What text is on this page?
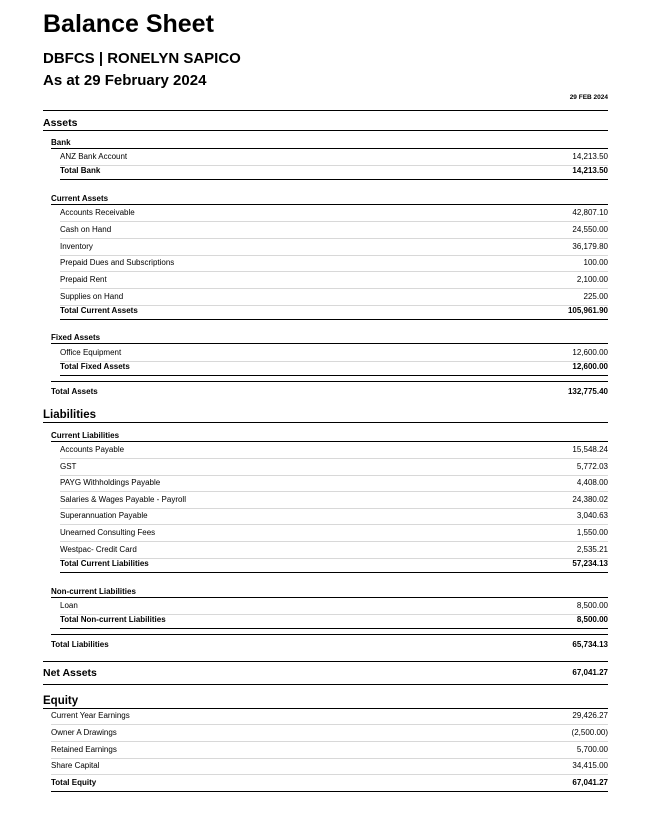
Balance Sheet
DBFCS | RONELYN SAPICO
As at 29 February 2024
29 FEB 2024
Assets
Bank
ANZ Bank Account	14,213.50
Total Bank	14,213.50
Current Assets
Accounts Receivable	42,807.10
Cash on Hand	24,550.00
Inventory	36,179.80
Prepaid Dues and Subscriptions	100.00
Prepaid Rent	2,100.00
Supplies on Hand	225.00
Total Current Assets	105,961.90
Fixed Assets
Office Equipment	12,600.00
Total Fixed Assets	12,600.00
Total Assets	132,775.40
Liabilities
Current Liabilities
Accounts Payable	15,548.24
GST	5,772.03
PAYG Withholdings Payable	4,408.00
Salaries & Wages Payable - Payroll	24,380.02
Superannuation Payable	3,040.63
Unearned Consulting Fees	1,550.00
Westpac- Credit Card	2,535.21
Total Current Liabilities	57,234.13
Non-current Liabilities
Loan	8,500.00
Total Non-current Liabilities	8,500.00
Total Liabilities	65,734.13
Net Assets	67,041.27
Equity
Current Year Earnings	29,426.27
Owner A Drawings	(2,500.00)
Retained Earnings	5,700.00
Share Capital	34,415.00
Total Equity	67,041.27
